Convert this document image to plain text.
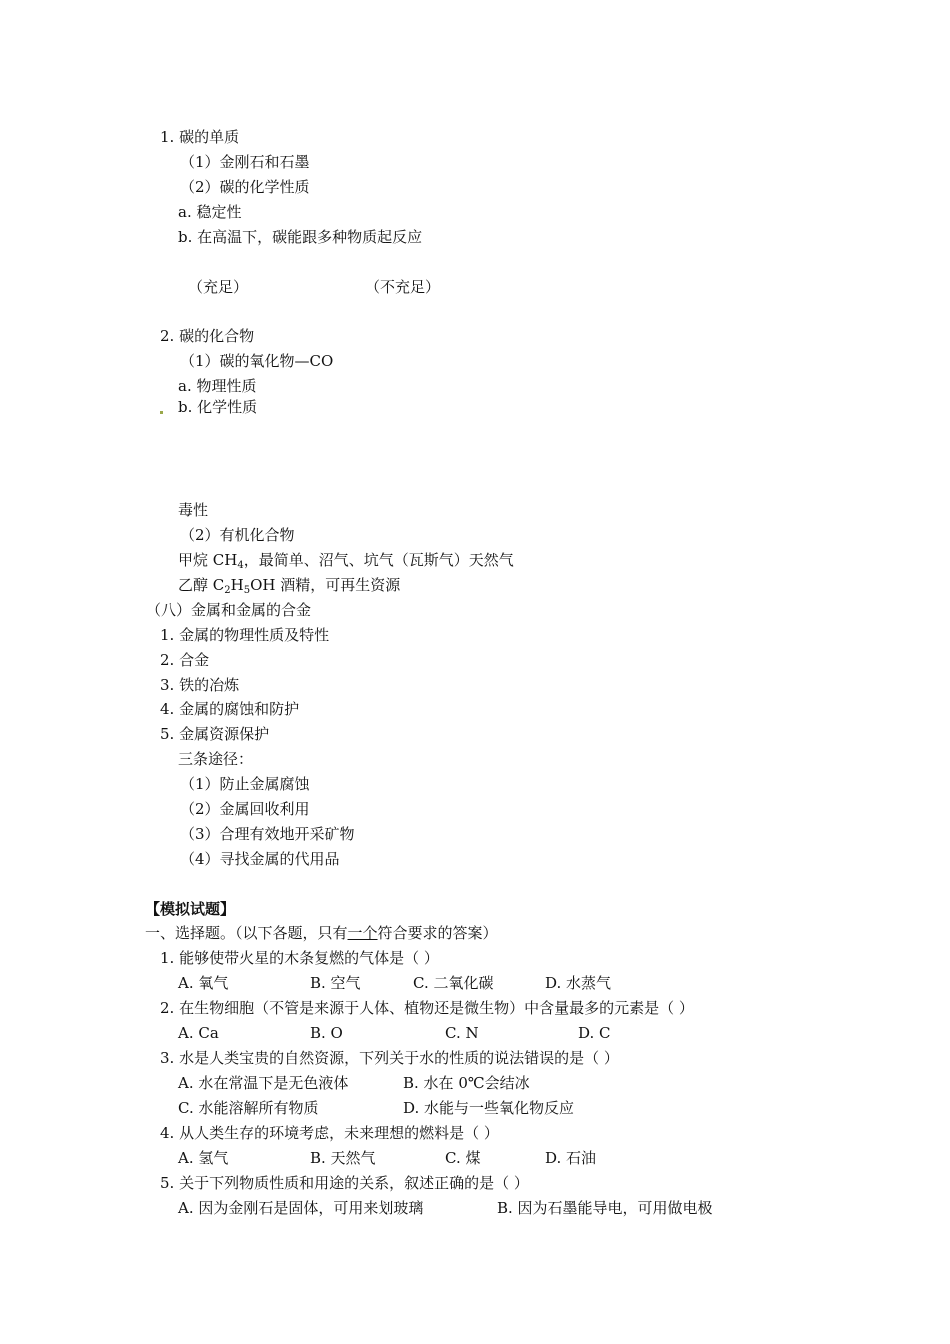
1. 碳的单质
（1）金刚石和石墨
（2）碳的化学性质
a. 稳定性
b. 在高温下，碳能跟多种物质起反应
（充足）	（不充足）
2. 碳的化合物
（1）碳的氧化物—CO
a. 物理性质
b. 化学性质
毒性
（2）有机化合物
甲烷 $CH_4$，最简单、沼气、坑气（瓦斯气）天然气
乙醇 $C_2H_5OH$ 酒精，可再生资源
（八）金属和金属的合金
1. 金属的物理性质及特性
2. 合金
3. 铁的冶炼
4. 金属的腐蚀和防护
5. 金属资源保护
三条途径：
（1）防止金属腐蚀
（2）金属回收利用
（3）合理有效地开采矿物
（4）寻找金属的代用品
【模拟试题】
一、选择题。（以下各题，只有一个符合要求的答案）
1. 能够使带火星的木条复燃的气体是（ ）
A. 氧气	B. 空气	C. 二氧化碳	D. 水蒸气
2. 在生物细胞（不管是来源于人体、植物还是微生物）中含量最多的元素是（ ）
A. Ca	B. O	C. N	D. C
3. 水是人类宝贵的自然资源，下列关于水的性质的说法错误的是（ ）
A. 水在常温下是无色液体	B. 水在 0℃会结冰
C. 水能溶解所有物质	D. 水能与一些氧化物反应
4. 从人类生存的环境考虑，未来理想的燃料是（ ）
A. 氢气	B. 天然气	C. 煤	D. 石油
5. 关于下列物质性质和用途的关系，叙述正确的是（ ）
A. 因为金刚石是固体，可用来划玻璃	B. 因为石墨能导电，可用做电极
